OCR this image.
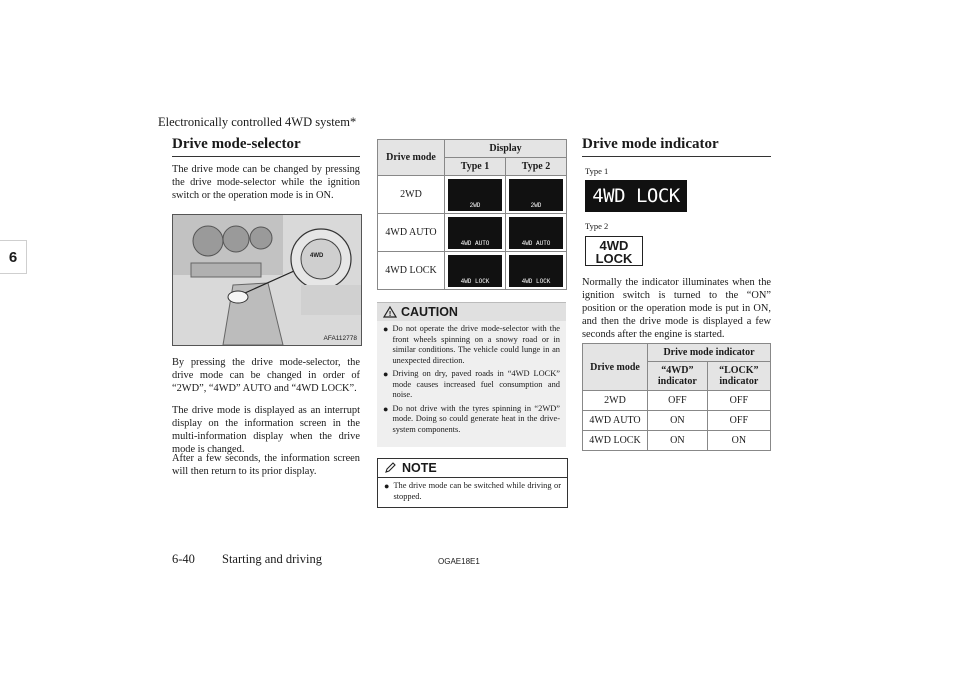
Electronically controlled 4WD system*
6
Drive mode-selector
The drive mode can be changed by pressing the drive mode-selector while the ignition switch or the operation mode is in ON.
4WD
AFA112778
By pressing the drive mode-selector, the drive mode can be changed in order of “2WD”, “4WD” AUTO and “4WD LOCK”.
The drive mode is displayed as an interrupt display on the information screen in the multi-information display when the drive mode is changed.
After a few seconds, the information screen will then return to its prior display.
Drive mode	Display	
	Type 1	Type 2
2WD	2WD	2WD

4WD AUTO	4WD AUTO	4WD AUTO

4WD LOCK	4WD LOCK	4WD LOCK
! CAUTION
● Do not operate the drive mode-selector with the front wheels spinning on a snowy road or in similar conditions. The vehicle could lunge in an unexpected direction.
● Driving on dry, paved roads in “4WD LOCK” mode causes increased fuel consumption and noise.
● Do not drive with the tyres spinning in “2WD” mode. Doing so could generate heat in the drive-system components.
NOTE
● The drive mode can be switched while driving or stopped.
Drive mode indicator
Type 1
4WD LOCK
Type 2
4WD
LOCK
Normally the indicator illuminates when the ignition switch is turned to the “ON” position or the operation mode is put in ON, and then the drive mode is displayed a few seconds after the engine is started.
Drive mode	Drive mode indicator	
	“4WD” indicator	“LOCK” indicator
2WD	OFF	OFF
4WD AUTO	ON	OFF
4WD LOCK	ON	ON
6-40 Starting and driving	OGAE18E1
